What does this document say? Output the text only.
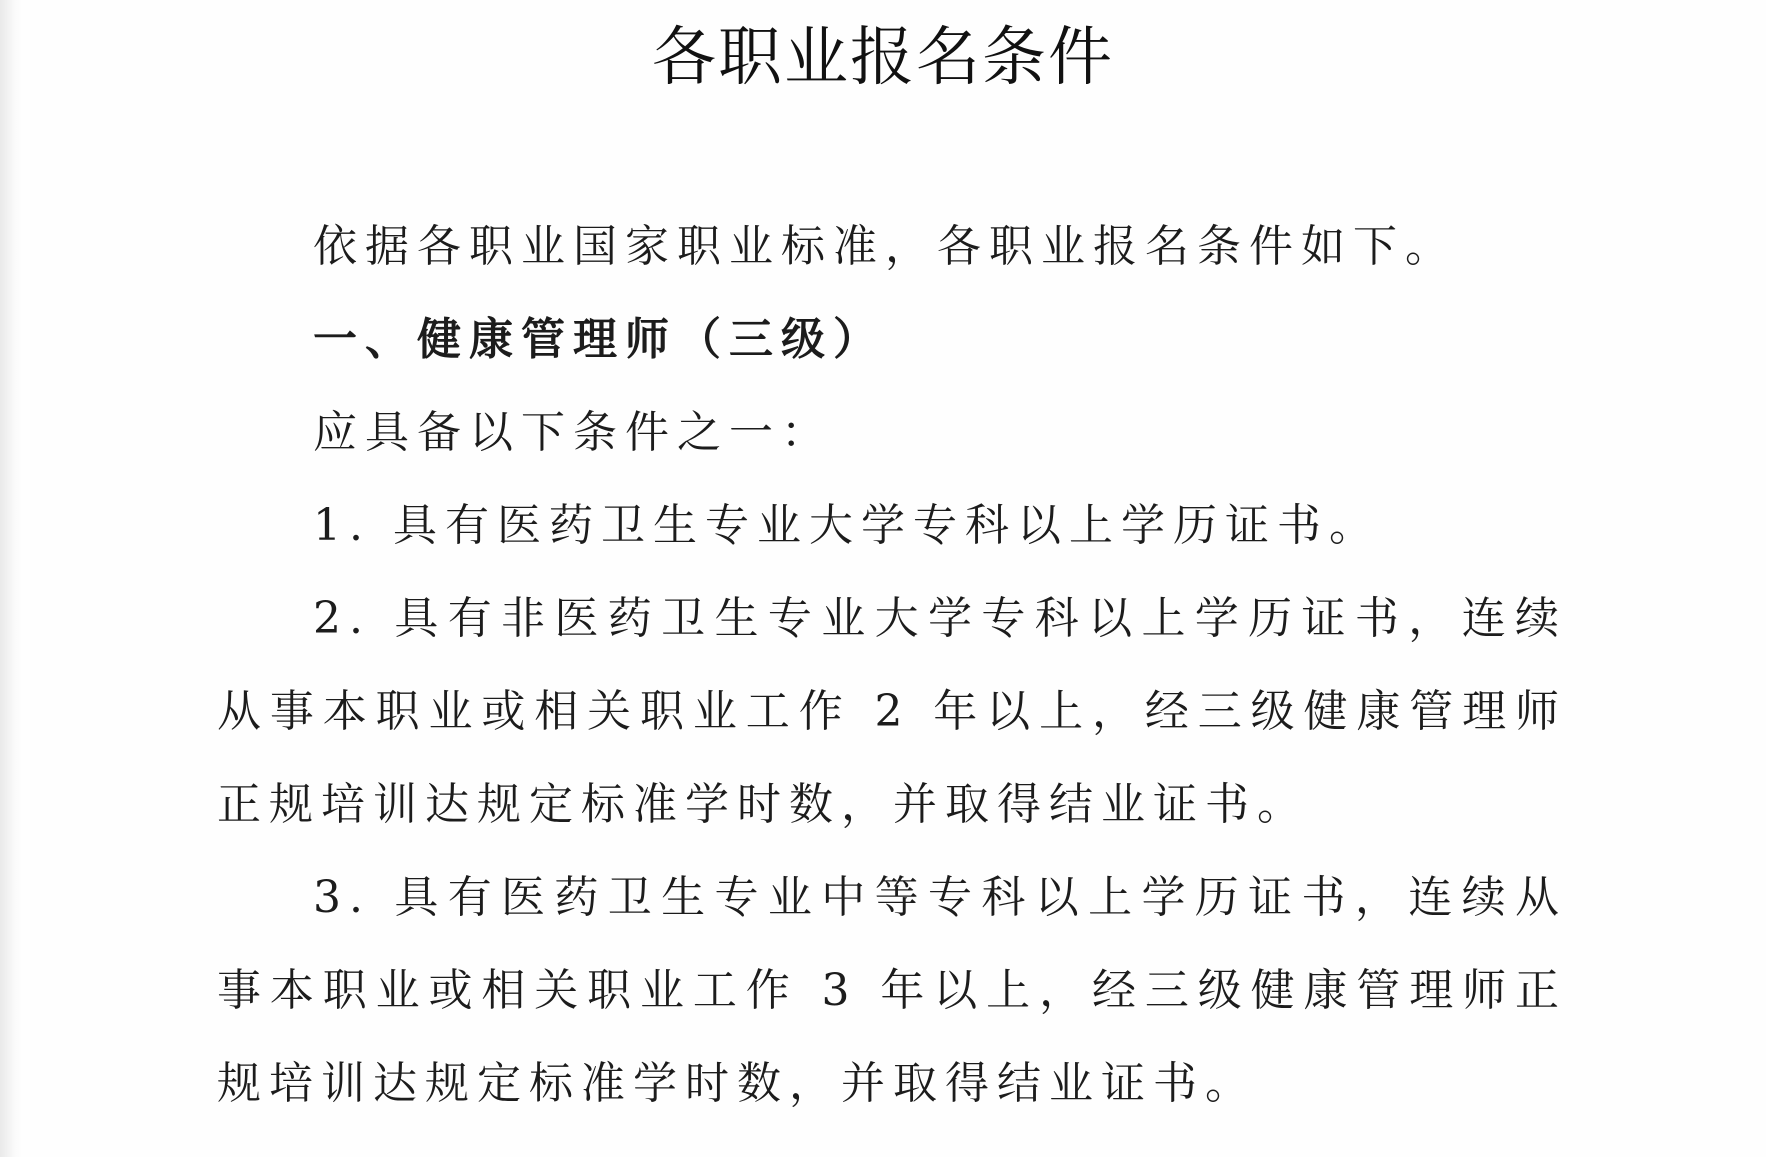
各职业报名条件

依据各职业国家职业标准，各职业报名条件如下。

一、健康管理师（三级）

应具备以下条件之一：

1. 具有医药卫生专业大学专科以上学历证书。

2. 具有非医药卫生专业大学专科以上学历证书，连续从事本职业或相关职业工作 2 年以上，经三级健康管理师正规培训达规定标准学时数，并取得结业证书。

3. 具有医药卫生专业中等专科以上学历证书，连续从事本职业或相关职业工作 3 年以上，经三级健康管理师正规培训达规定标准学时数，并取得结业证书。
